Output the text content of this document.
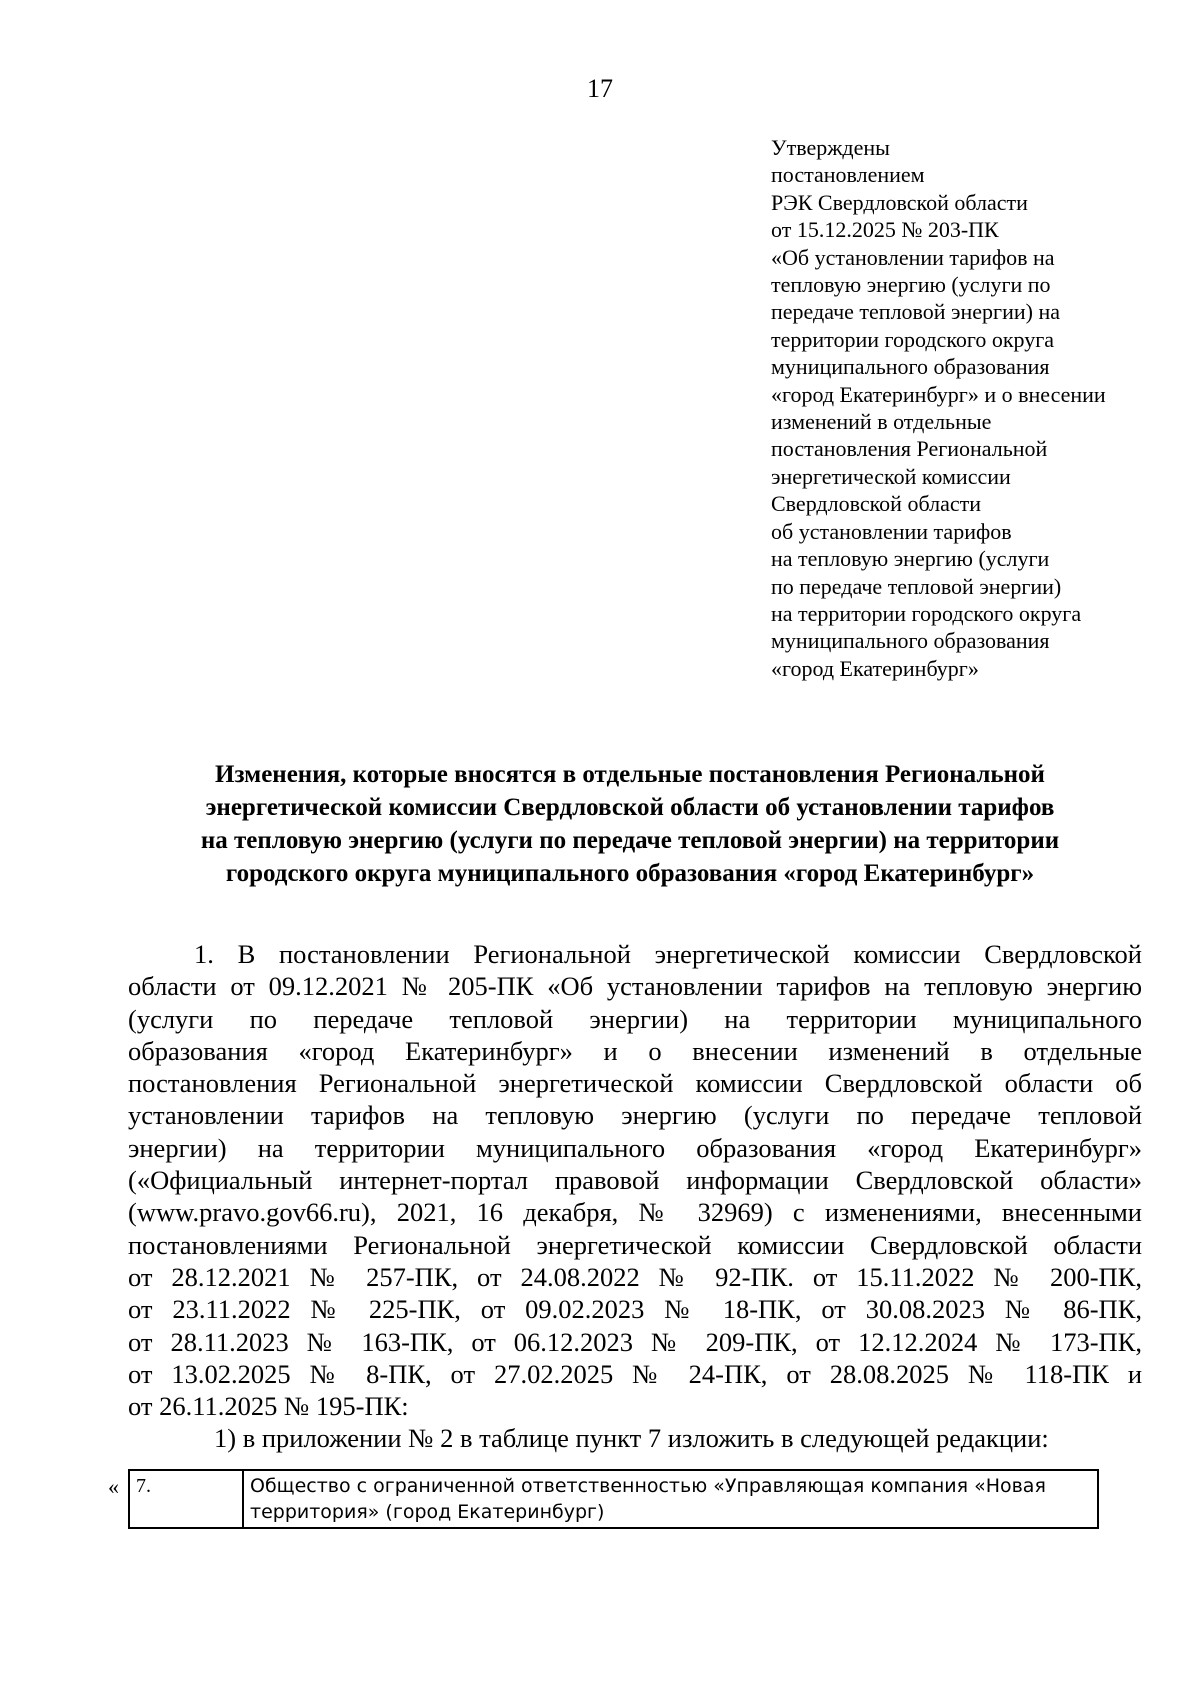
17
Утверждены
постановлением
РЭК Свердловской области
от 15.12.2025 № 203-ПК
«Об установлении тарифов на
тепловую энергию (услуги по
передаче тепловой энергии) на
территории городского округа
муниципального образования
«город Екатеринбург» и о внесении
изменений в отдельные
постановления Региональной
энергетической комиссии
Свердловской области
об установлении тарифов
на тепловую энергию (услуги
по передаче тепловой энергии)
на территории городского округа
муниципального образования
«город Екатеринбург»
Изменения, которые вносятся в отдельные постановления Региональной
энергетической комиссии Свердловской области об установлении тарифов
на тепловую энергию (услуги по передаче тепловой энергии) на территории
городского округа муниципального образования «город Екатеринбург»
1. В постановлении Региональной энергетической комиссии Свердловской
области от 09.12.2021 № 205-ПК «Об установлении тарифов на тепловую энергию
(услуги по передаче тепловой энергии) на территории муниципального
образования «город Екатеринбург» и о внесении изменений в отдельные
постановления Региональной энергетической комиссии Свердловской области об
установлении тарифов на тепловую энергию (услуги по передаче тепловой
энергии) на территории муниципального образования «город Екатеринбург»
(«Официальный интернет-портал правовой информации Свердловской области»
(www.pravo.gov66.ru), 2021, 16 декабря, № 32969) с изменениями, внесенными
постановлениями Региональной энергетической комиссии Свердловской области
от 28.12.2021 № 257-ПК, от 24.08.2022 № 92-ПК. от 15.11.2022 № 200-ПК,
от 23.11.2022 № 225-ПК, от 09.02.2023 № 18-ПК, от 30.08.2023 № 86-ПК,
от 28.11.2023 № 163-ПК, от 06.12.2023 № 209-ПК, от 12.12.2024 № 173-ПК,
от 13.02.2025 № 8-ПК, от 27.02.2025 № 24-ПК, от 28.08.2025 № 118-ПК и
от 26.11.2025 № 195-ПК:
1) в приложении № 2 в таблице пункт 7 изложить в следующей редакции:
« 7.	Общество с ограниченной ответственностью «Управляющая компания «Новая территория» (город Екатеринбург)
